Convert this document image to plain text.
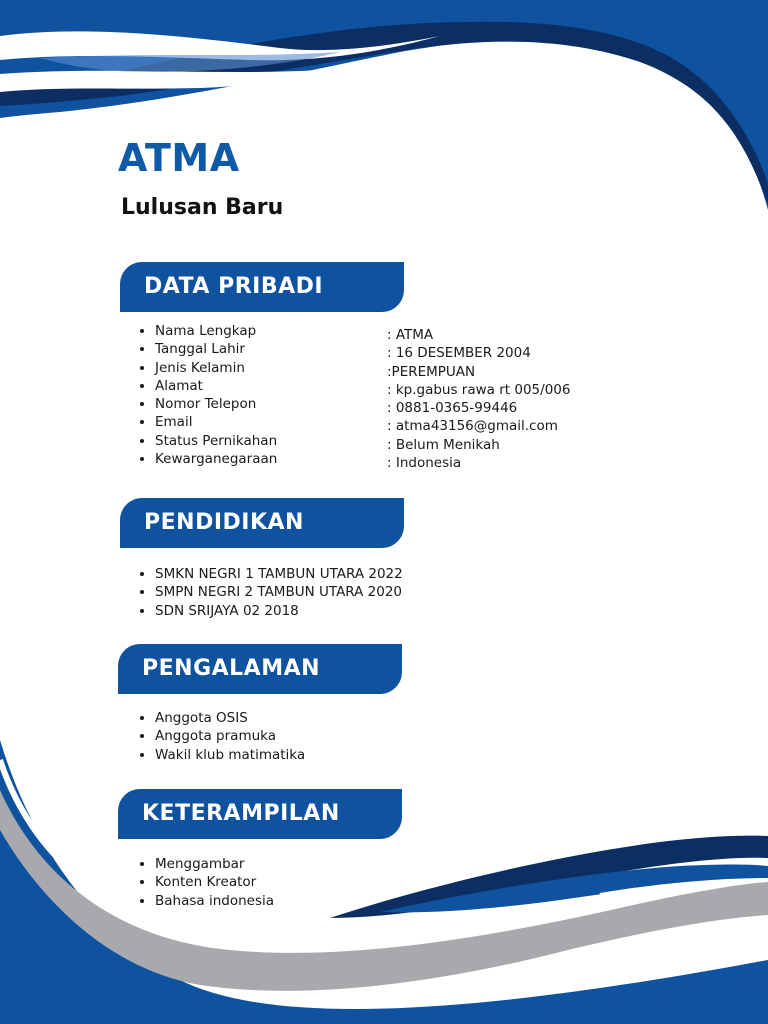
ATMA
Lulusan Baru
DATA PRIBADI
• Nama Lengkap
• Tanggal Lahir
• Jenis Kelamin
• Alamat
• Nomor Telepon
• Email
• Status Pernikahan
• Kewarganegaraan
: ATMA
: 16 DESEMBER 2004
:PEREMPUAN
: kp.gabus rawa rt 005/006
: 0881-0365-99446
: atma43156@gmail.com
: Belum Menikah
: Indonesia
PENDIDIKAN
• SMKN NEGRI 1 TAMBUN UTARA 2022
• SMPN NEGRI 2 TAMBUN UTARA 2020
• SDN SRIJAYA 02 2018
PENGALAMAN
• Anggota OSIS
• Anggota pramuka
• Wakil klub matimatika
KETERAMPILAN
• Menggambar
• Konten Kreator
• Bahasa indonesia
